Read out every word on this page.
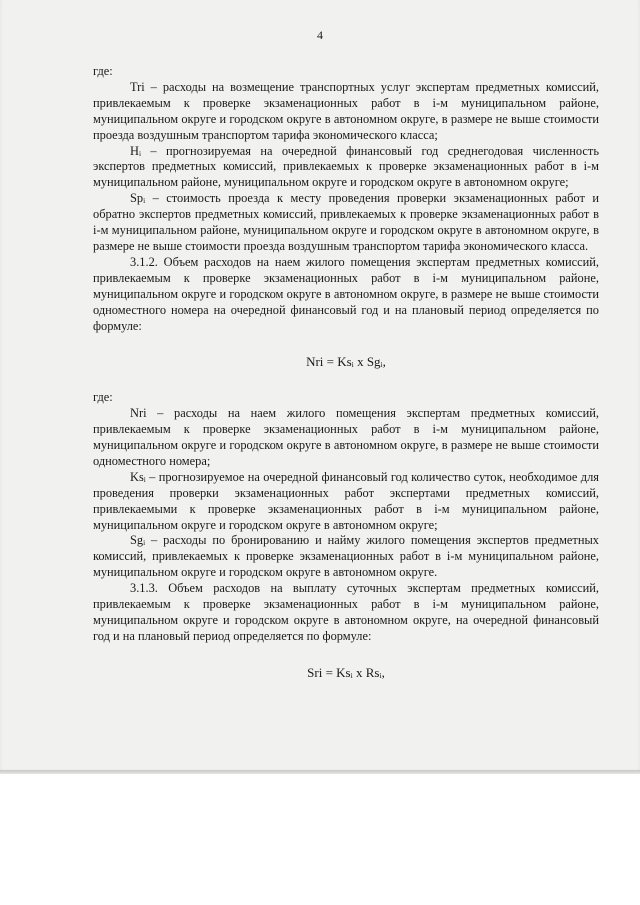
4

где:

Tri – расходы на возмещение транспортных услуг экспертам предметных комиссий, привлекаемым к проверке экзаменационных работ в i-м муниципальном районе, муниципальном округе и городском округе в автономном округе, в размере не выше стоимости проезда воздушным транспортом тарифа экономического класса;

Hᵢ – прогнозируемая на очередной финансовый год среднегодовая численность экспертов предметных комиссий, привлекаемых к проверке экзаменационных работ в i-м муниципальном районе, муниципальном округе и городском округе в автономном округе;

Spᵢ – стоимость проезда к месту проведения проверки экзаменационных работ и обратно экспертов предметных комиссий, привлекаемых к проверке экзаменационных работ в i-м муниципальном районе, муниципальном округе и городском округе в автономном округе, в размере не выше стоимости проезда воздушным транспортом тарифа экономического класса.

3.1.2. Объем расходов на наем жилого помещения экспертам предметных комиссий, привлекаемым к проверке экзаменационных работ в i-м муниципальном районе, муниципальном округе и городском округе в автономном округе, в размере не выше стоимости одноместного номера на очередной финансовый год и на плановый период определяется по формуле:

Nri = Ksᵢ x Sgᵢ,

где:

Nri – расходы на наем жилого помещения экспертам предметных комиссий, привлекаемым к проверке экзаменационных работ в i-м муниципальном районе, муниципальном округе и городском округе в автономном округе, в размере не выше стоимости одноместного номера;

Ksᵢ – прогнозируемое на очередной финансовый год количество суток, необходимое для проведения проверки экзаменационных работ экспертами предметных комиссий, привлекаемыми к проверке экзаменационных работ в i-м муниципальном районе, муниципальном округе и городском округе в автономном округе;

Sgᵢ – расходы по бронированию и найму жилого помещения экспертов предметных комиссий, привлекаемых к проверке экзаменационных работ в i-м муниципальном районе, муниципальном округе и городском округе в автономном округе.

3.1.3. Объем расходов на выплату суточных экспертам предметных комиссий, привлекаемым к проверке экзаменационных работ в i-м муниципальном районе, муниципальном округе и городском округе в автономном округе, на очередной финансовый год и на плановый период определяется по формуле:

Sri = Ksᵢ x Rsᵢ,
